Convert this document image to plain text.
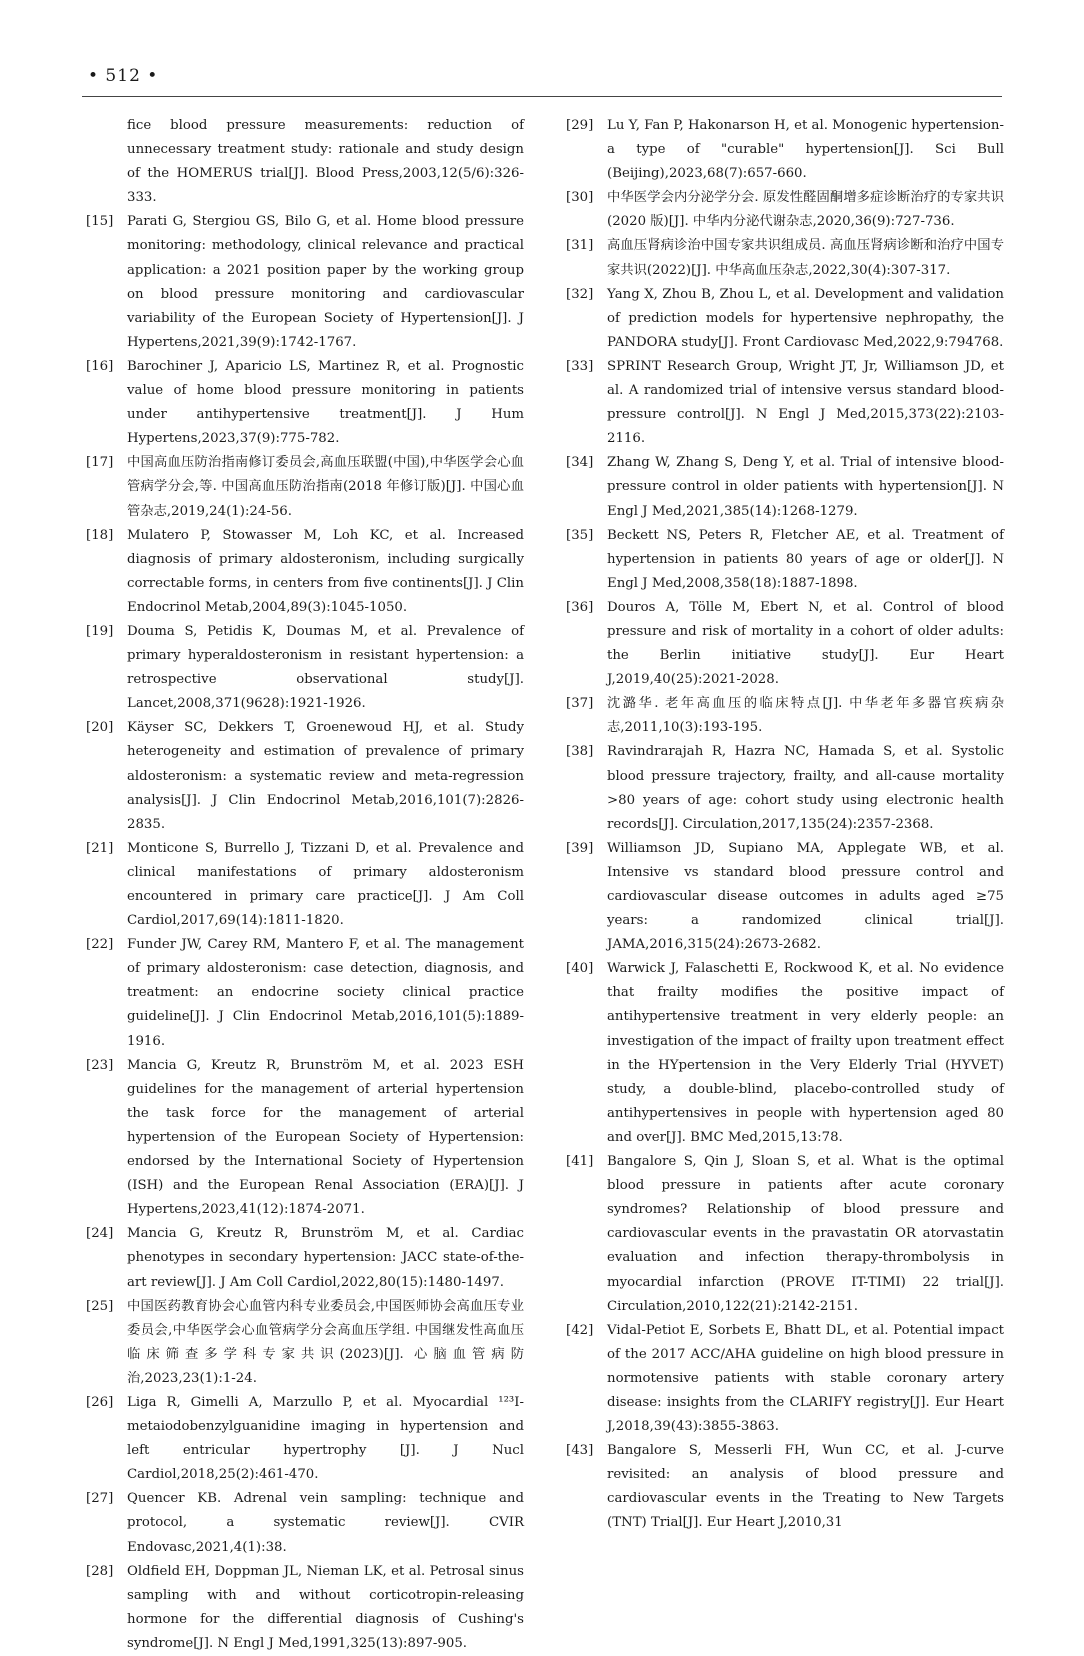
• 512 •
fice blood pressure measurements: reduction of unnecessary treatment study: rationale and study design of the HOMERUS trial[J]. Blood Press,2003,12(5/6):326-333.
[15] Parati G, Stergiou GS, Bilo G, et al. Home blood pressure monitoring: methodology, clinical relevance and practical application: a 2021 position paper by the working group on blood pressure monitoring and cardiovascular variability of the European Society of Hypertension[J]. J Hypertens,2021,39(9):1742-1767.
[16] Barochiner J, Aparicio LS, Martinez R, et al. Prognostic value of home blood pressure monitoring in patients under antihypertensive treatment[J]. J Hum Hypertens,2023,37(9):775-782.
[17] 中国高血压防治指南修订委员会,高血压联盟(中国),中华医学会心血管病学分会,等. 中国高血压防治指南(2018 年修订版)[J]. 中国心血管杂志,2019,24(1):24-56.
[18] Mulatero P, Stowasser M, Loh KC, et al. Increased diagnosis of primary aldosteronism, including surgically correctable forms, in centers from five continents[J]. J Clin Endocrinol Metab,2004,89(3):1045-1050.
[19] Douma S, Petidis K, Doumas M, et al. Prevalence of primary hyperaldosteronism in resistant hypertension: a retrospective observational study[J]. Lancet,2008,371(9628):1921-1926.
[20] Käyser SC, Dekkers T, Groenewoud HJ, et al. Study heterogeneity and estimation of prevalence of primary aldosteronism: a systematic review and meta-regression analysis[J]. J Clin Endocrinol Metab,2016,101(7):2826-2835.
[21] Monticone S, Burrello J, Tizzani D, et al. Prevalence and clinical manifestations of primary aldosteronism encountered in primary care practice[J]. J Am Coll Cardiol,2017,69(14):1811-1820.
[22] Funder JW, Carey RM, Mantero F, et al. The management of primary aldosteronism: case detection, diagnosis, and treatment: an endocrine society clinical practice guideline[J]. J Clin Endocrinol Metab,2016,101(5):1889-1916.
[23] Mancia G, Kreutz R, Brunström M, et al. 2023 ESH guidelines for the management of arterial hypertension the task force for the management of arterial hypertension of the European Society of Hypertension: endorsed by the International Society of Hypertension (ISH) and the European Renal Association (ERA)[J]. J Hypertens,2023,41(12):1874-2071.
[24] Mancia G, Kreutz R, Brunström M, et al. Cardiac phenotypes in secondary hypertension: JACC state-of-the-art review[J]. J Am Coll Cardiol,2022,80(15):1480-1497.
[25] 中国医药教育协会心血管内科专业委员会,中国医师协会高血压专业委员会,中华医学会心血管病学分会高血压学组. 中国继发性高血压临床筛查多学科专家共识(2023)[J]. 心脑血管病防治,2023,23(1):1-24.
[26] Liga R, Gimelli A, Marzullo P, et al. Myocardial ¹²³I-metaiodobenzylguanidine imaging in hypertension and left entricular hypertrophy [J]. J Nucl Cardiol,2018,25(2):461-470.
[27] Quencer KB. Adrenal vein sampling: technique and protocol, a systematic review[J]. CVIR Endovasc,2021,4(1):38.
[28] Oldfield EH, Doppman JL, Nieman LK, et al. Petrosal sinus sampling with and without corticotropin-releasing hormone for the differential diagnosis of Cushing's syndrome[J]. N Engl J Med,1991,325(13):897-905.
[29] Lu Y, Fan P, Hakonarson H, et al. Monogenic hypertension-a type of "curable" hypertension[J]. Sci Bull (Beijing),2023,68(7):657-660.
[30] 中华医学会内分泌学分会. 原发性醛固酮增多症诊断治疗的专家共识(2020 版)[J]. 中华内分泌代谢杂志,2020,36(9):727-736.
[31] 高血压肾病诊治中国专家共识组成员. 高血压肾病诊断和治疗中国专家共识(2022)[J]. 中华高血压杂志,2022,30(4):307-317.
[32] Yang X, Zhou B, Zhou L, et al. Development and validation of prediction models for hypertensive nephropathy, the PANDORA study[J]. Front Cardiovasc Med,2022,9:794768.
[33] SPRINT Research Group, Wright JT, Jr, Williamson JD, et al. A randomized trial of intensive versus standard blood-pressure control[J]. N Engl J Med,2015,373(22):2103-2116.
[34] Zhang W, Zhang S, Deng Y, et al. Trial of intensive blood-pressure control in older patients with hypertension[J]. N Engl J Med,2021,385(14):1268-1279.
[35] Beckett NS, Peters R, Fletcher AE, et al. Treatment of hypertension in patients 80 years of age or older[J]. N Engl J Med,2008,358(18):1887-1898.
[36] Douros A, Tölle M, Ebert N, et al. Control of blood pressure and risk of mortality in a cohort of older adults: the Berlin initiative study[J]. Eur Heart J,2019,40(25):2021-2028.
[37] 沈潞华. 老年高血压的临床特点[J]. 中华老年多器官疾病杂志,2011,10(3):193-195.
[38] Ravindrarajah R, Hazra NC, Hamada S, et al. Systolic blood pressure trajectory, frailty, and all-cause mortality >80 years of age: cohort study using electronic health records[J]. Circulation,2017,135(24):2357-2368.
[39] Williamson JD, Supiano MA, Applegate WB, et al. Intensive vs standard blood pressure control and cardiovascular disease outcomes in adults aged ≥75 years: a randomized clinical trial[J]. JAMA,2016,315(24):2673-2682.
[40] Warwick J, Falaschetti E, Rockwood K, et al. No evidence that frailty modifies the positive impact of antihypertensive treatment in very elderly people: an investigation of the impact of frailty upon treatment effect in the HYpertension in the Very Elderly Trial (HYVET) study, a double-blind, placebo-controlled study of antihypertensives in people with hypertension aged 80 and over[J]. BMC Med,2015,13:78.
[41] Bangalore S, Qin J, Sloan S, et al. What is the optimal blood pressure in patients after acute coronary syndromes? Relationship of blood pressure and cardiovascular events in the pravastatin OR atorvastatin evaluation and infection therapy-thrombolysis in myocardial infarction (PROVE IT-TIMI) 22 trial[J]. Circulation,2010,122(21):2142-2151.
[42] Vidal-Petiot E, Sorbets E, Bhatt DL, et al. Potential impact of the 2017 ACC/AHA guideline on high blood pressure in normotensive patients with stable coronary artery disease: insights from the CLARIFY registry[J]. Eur Heart J,2018,39(43):3855-3863.
[43] Bangalore S, Messerli FH, Wun CC, et al. J-curve revisited: an analysis of blood pressure and cardiovascular events in the Treating to New Targets (TNT) Trial[J]. Eur Heart J,2010,31
